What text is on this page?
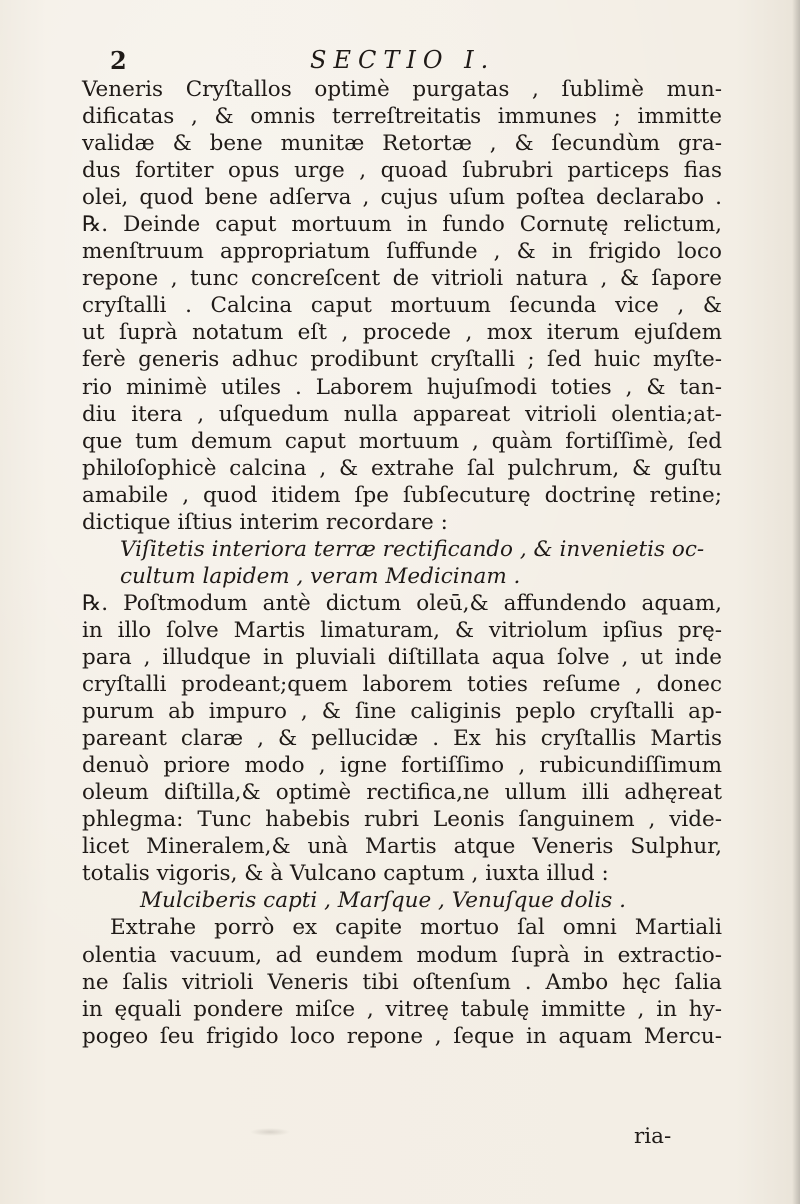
2	SECTIO I.
Veneris Cryſtallos optimè purgatas , ſublimè mun-
dificatas , & omnis terreſtreitatis immunes ; immitte
validæ & bene munitæ Retortæ , & ſecundùm gra-
dus fortiter opus urge , quoad ſubrubri particeps fias
olei, quod bene adſerva , cujus uſum poſtea declarabo .
℞. Deinde caput mortuum in fundo Cornutę relictum,
menſtruum appropriatum ſuffunde , & in frigido loco
repone , tunc concreſcent de vitrioli natura , & ſapore
cryſtalli . Calcina caput mortuum ſecunda vice , &
ut ſuprà notatum eſt , procede , mox iterum ejuſdem
ferè generis adhuc prodibunt cryſtalli ; ſed huic myſte-
rio minimè utiles . Laborem hujuſmodi toties , & tan-
diu itera , uſquedum nulla appareat vitrioli olentia;at-
que tum demum caput mortuum , quàm fortiſſimè, ſed
philoſophicè calcina , & extrahe ſal pulchrum, & guſtu
amabile , quod itidem ſpe ſubſecuturę doctrinę retine;
dictique iſtius interim recordare :
Viſitetis interiora terræ rectificando , & invenietis oc-
cultum lapidem , veram Medicinam .
℞. Poſtmodum antè dictum oleū,& affundendo aquam,
in illo ſolve Martis limaturam, & vitriolum ipſius prę-
para , illudque in pluviali diſtillata aqua ſolve , ut inde
cryſtalli prodeant;quem laborem toties reſume , donec
purum ab impuro , & ſine caliginis peplo cryſtalli ap-
pareant claræ , & pellucidæ . Ex his cryſtallis Martis
denuò priore modo , igne fortiſſimo , rubicundiſſimum
oleum diſtilla,& optimè rectifica,ne ullum illi adhęreat
phlegma: Tunc habebis rubri Leonis ſanguinem , vide-
licet Mineralem,& unà Martis atque Veneris Sulphur,
totalis vigoris, & à Vulcano captum , iuxta illud :
Mulciberis capti , Marſque , Venuſque dolis .
Extrahe porrò ex capite mortuo ſal omni Martiali
olentia vacuum, ad eundem modum ſuprà in extractio-
ne ſalis vitrioli Veneris tibi oſtenſum . Ambo hęc ſalia
in ęquali pondere miſce , vitreę tabulę immitte , in hy-
pogeo ſeu frigido loco repone , ſeque in aquam Mercu-
ria-
